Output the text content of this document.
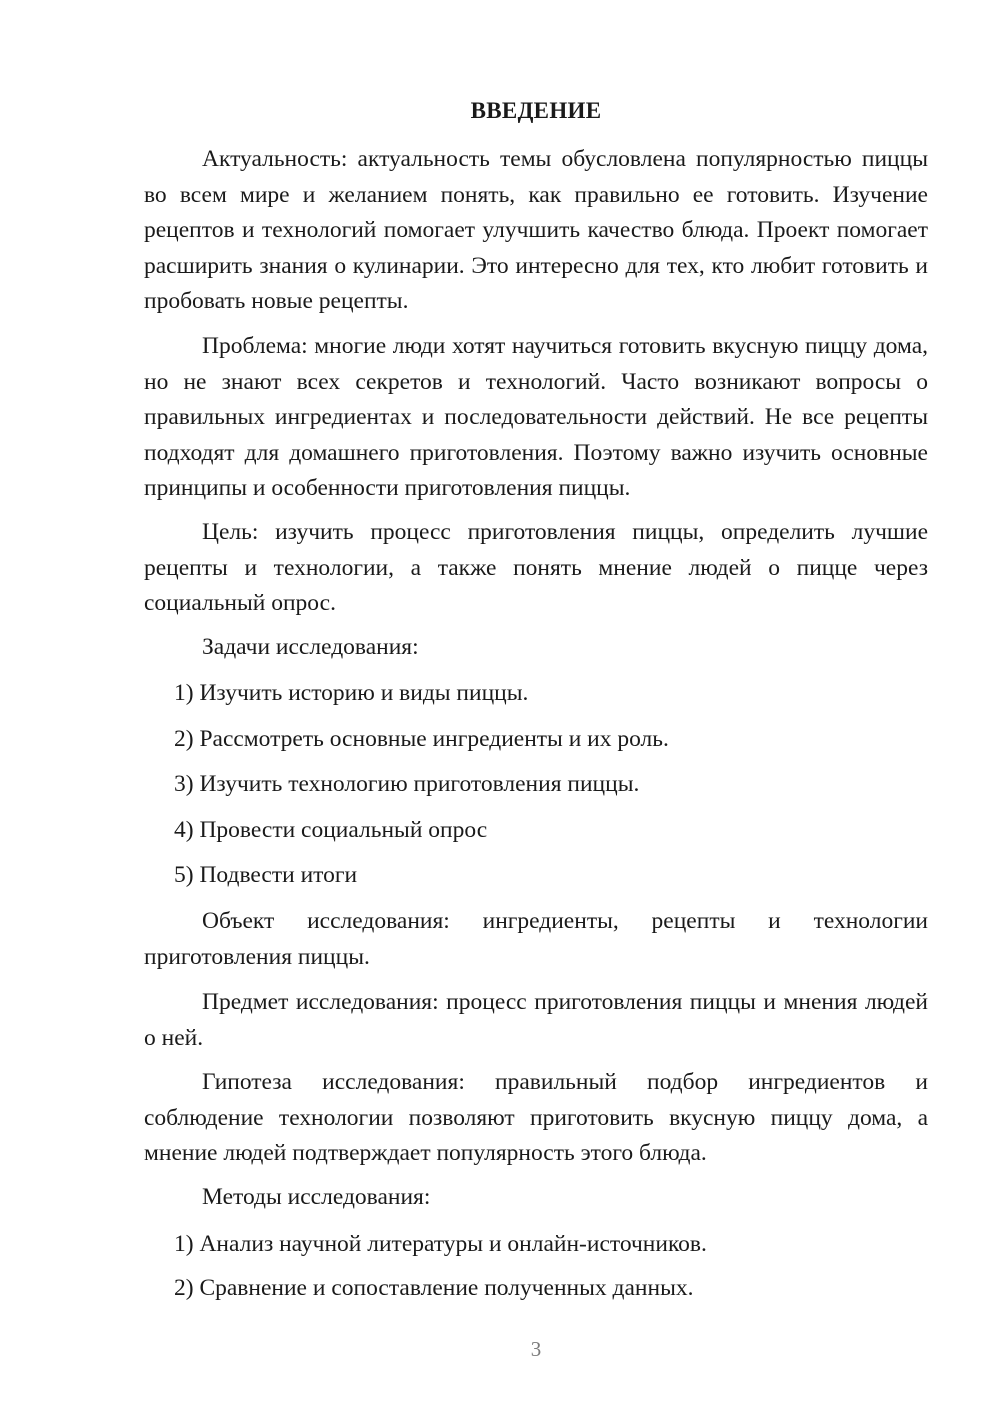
ВВЕДЕНИЕ

Актуальность: актуальность темы обусловлена популярностью пиццы во всем мире и желанием понять, как правильно ее готовить. Изучение рецептов и технологий помогает улучшить качество блюда. Проект помогает расширить знания о кулинарии. Это интересно для тех, кто любит готовить и пробовать новые рецепты.

Проблема: многие люди хотят научиться готовить вкусную пиццу дома, но не знают всех секретов и технологий. Часто возникают вопросы о правильных ингредиентах и последовательности действий. Не все рецепты подходят для домашнего приготовления. Поэтому важно изучить основные принципы и особенности приготовления пиццы.

Цель: изучить процесс приготовления пиццы, определить лучшие рецепты и технологии, а также понять мнение людей о пицце через социальный опрос.

Задачи исследования:

1) Изучить историю и виды пиццы.

2) Рассмотреть основные ингредиенты и их роль.

3) Изучить технологию приготовления пиццы.

4) Провести социальный опрос

5) Подвести итоги

Объект исследования: ингредиенты, рецепты и технологии приготовления пиццы.

Предмет исследования: процесс приготовления пиццы и мнения людей о ней.

Гипотеза исследования: правильный подбор ингредиентов и соблюдение технологии позволяют приготовить вкусную пиццу дома, а мнение людей подтверждает популярность этого блюда.

Методы исследования:

1) Анализ научной литературы и онлайн-источников.

2) Сравнение и сопоставление полученных данных.

3
